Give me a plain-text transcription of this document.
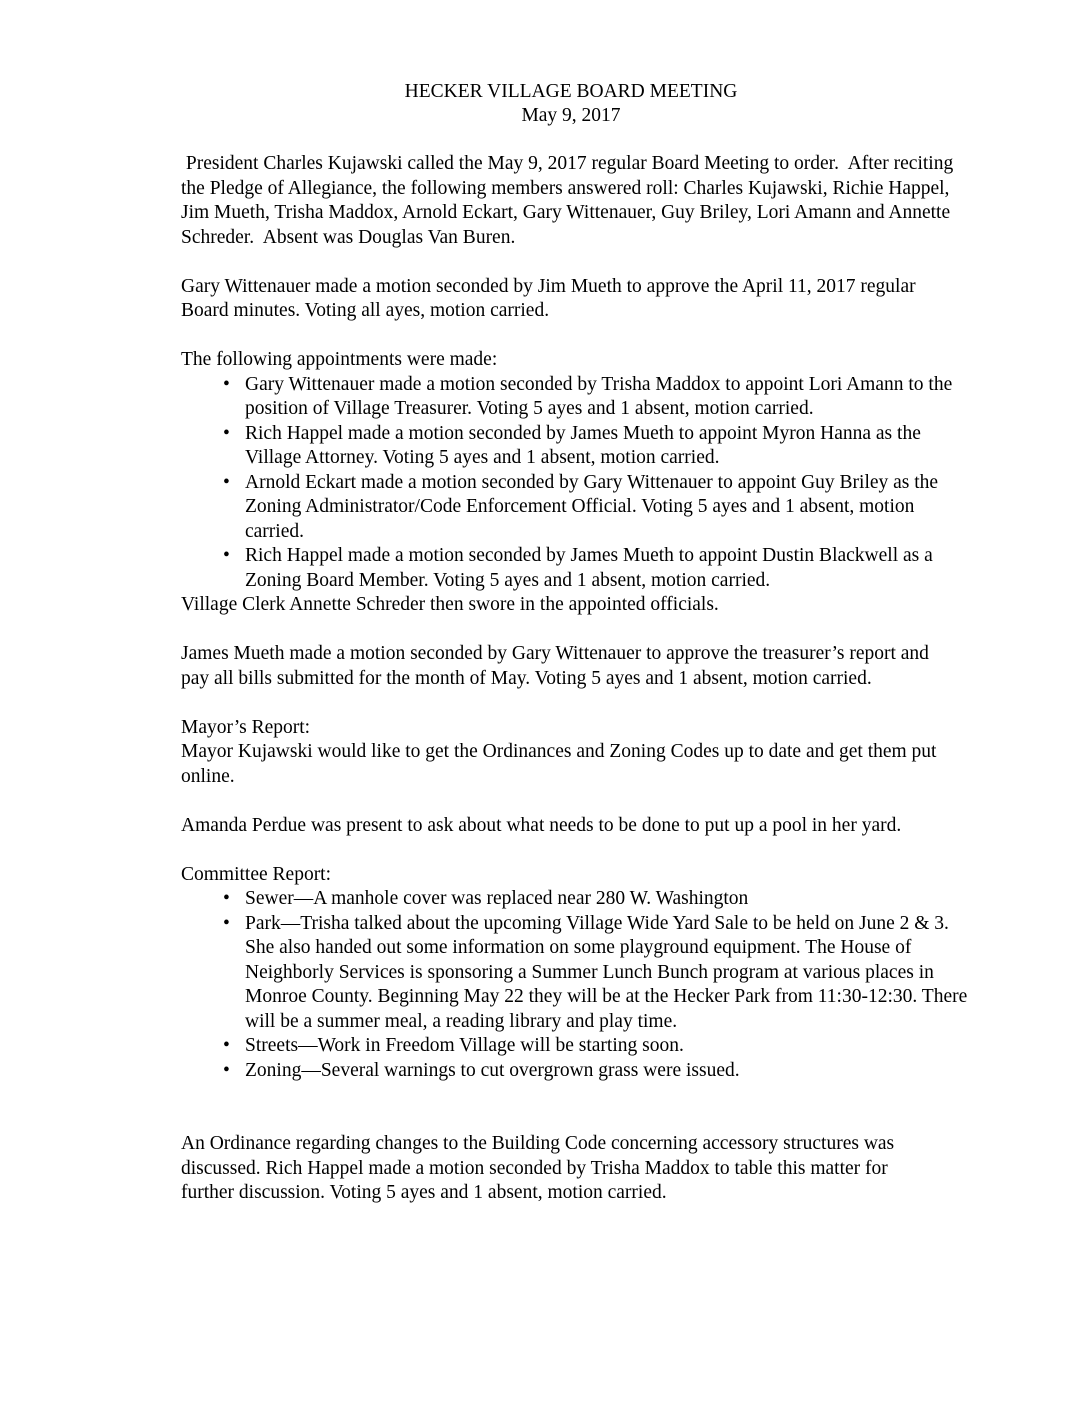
HECKER VILLAGE BOARD MEETING
May 9, 2017

President Charles Kujawski called the May 9, 2017 regular Board Meeting to order.  After reciting the Pledge of Allegiance, the following members answered roll: Charles Kujawski, Richie Happel, Jim Mueth, Trisha Maddox, Arnold Eckart, Gary Wittenauer, Guy Briley, Lori Amann and Annette Schreder.  Absent was Douglas Van Buren.

Gary Wittenauer made a motion seconded by Jim Mueth to approve the April 11, 2017 regular Board minutes. Voting all ayes, motion carried.

The following appointments were made:

• Gary Wittenauer made a motion seconded by Trisha Maddox to appoint Lori Amann to the position of Village Treasurer. Voting 5 ayes and 1 absent, motion carried.
• Rich Happel made a motion seconded by James Mueth to appoint Myron Hanna as the Village Attorney. Voting 5 ayes and 1 absent, motion carried.
• Arnold Eckart made a motion seconded by Gary Wittenauer to appoint Guy Briley as the Zoning Administrator/Code Enforcement Official. Voting 5 ayes and 1 absent, motion carried.
• Rich Happel made a motion seconded by James Mueth to appoint Dustin Blackwell as a Zoning Board Member. Voting 5 ayes and 1 absent, motion carried.

Village Clerk Annette Schreder then swore in the appointed officials.

James Mueth made a motion seconded by Gary Wittenauer to approve the treasurer’s report and pay all bills submitted for the month of May. Voting 5 ayes and 1 absent, motion carried.

Mayor’s Report:

Mayor Kujawski would like to get the Ordinances and Zoning Codes up to date and get them put online.

Amanda Perdue was present to ask about what needs to be done to put up a pool in her yard.

Committee Report:

• Sewer—A manhole cover was replaced near 280 W. Washington
• Park—Trisha talked about the upcoming Village Wide Yard Sale to be held on June 2 & 3. She also handed out some information on some playground equipment. The House of Neighborly Services is sponsoring a Summer Lunch Bunch program at various places in Monroe County. Beginning May 22 they will be at the Hecker Park from 11:30-12:30. There will be a summer meal, a reading library and play time.
• Streets—Work in Freedom Village will be starting soon.
• Zoning—Several warnings to cut overgrown grass were issued.

An Ordinance regarding changes to the Building Code concerning accessory structures was discussed. Rich Happel made a motion seconded by Trisha Maddox to table this matter for further discussion. Voting 5 ayes and 1 absent, motion carried.
